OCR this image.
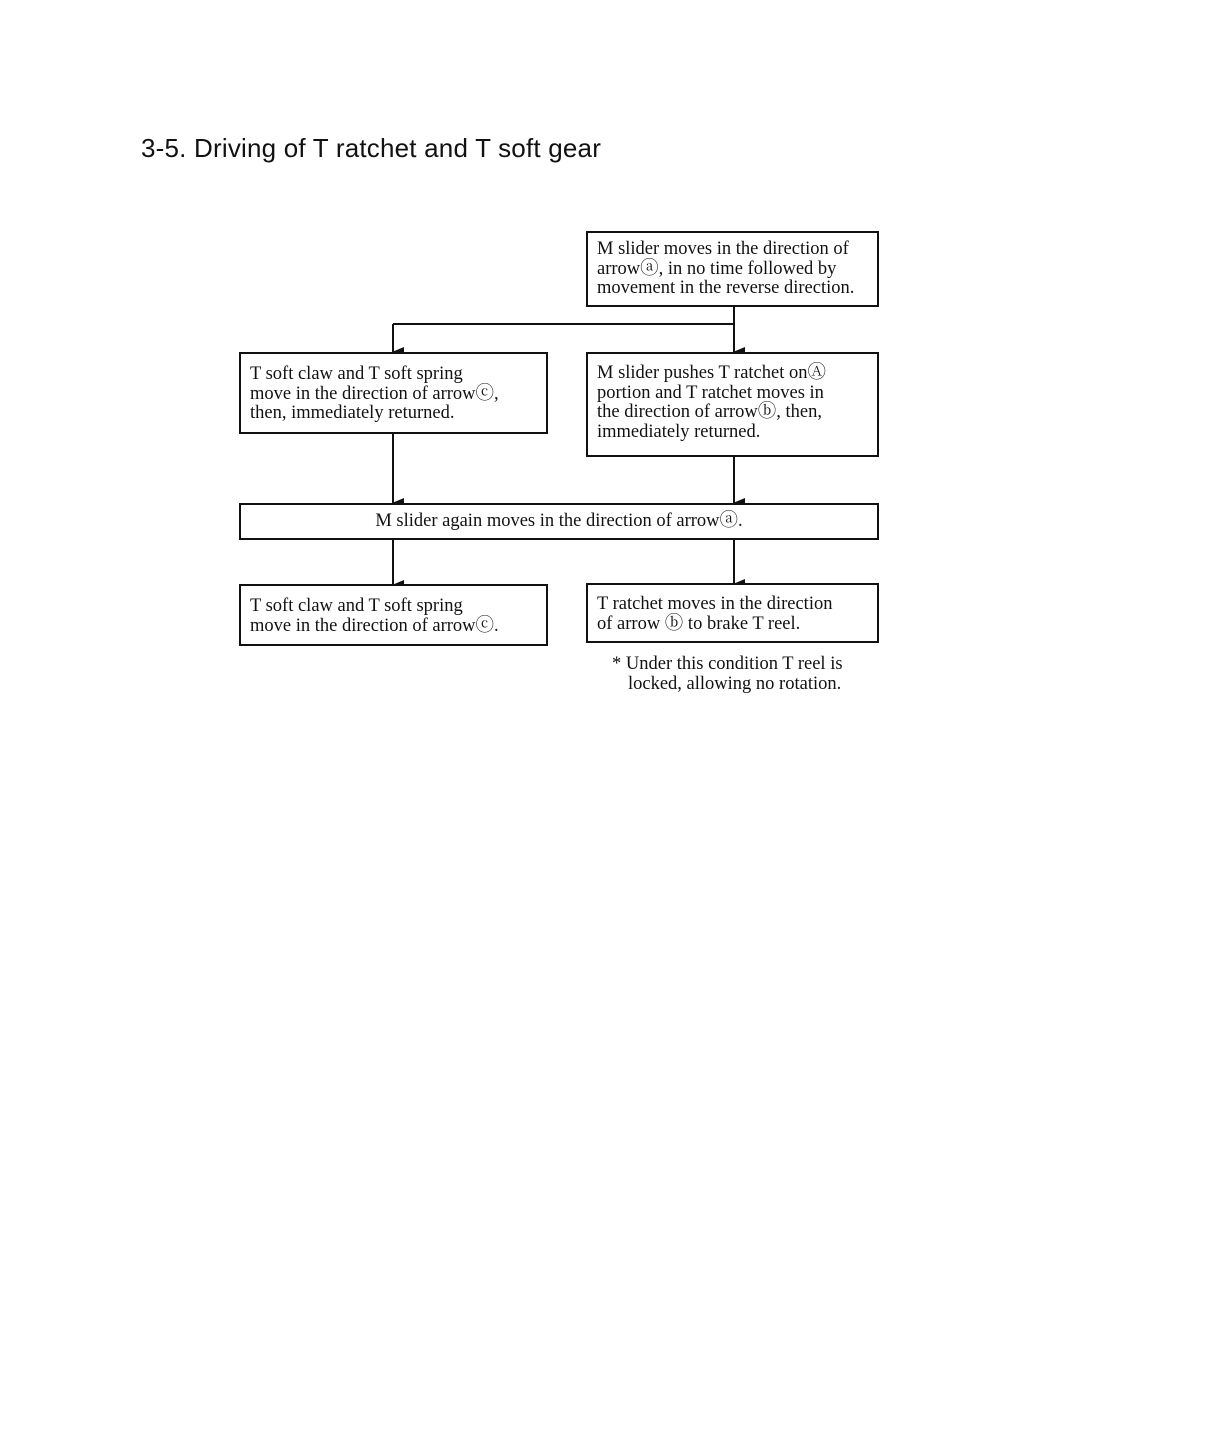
3-5. Driving of T ratchet and T soft gear
M slider moves in the direction of
arrowⓐ, in no time followed by
movement in the reverse direction.
T soft claw and T soft spring
move in the direction of arrowⓒ,
then, immediately returned.
M slider pushes T ratchet onⒶ
portion and T ratchet moves in
the direction of arrowⓑ, then,
immediately returned.
M slider again moves in the direction of arrowⓐ.
T soft claw and T soft spring
move in the direction of arrowⓒ.
T ratchet moves in the direction
of arrow ⓑ to brake T reel.
* Under this condition T reel is
locked, allowing no rotation.
